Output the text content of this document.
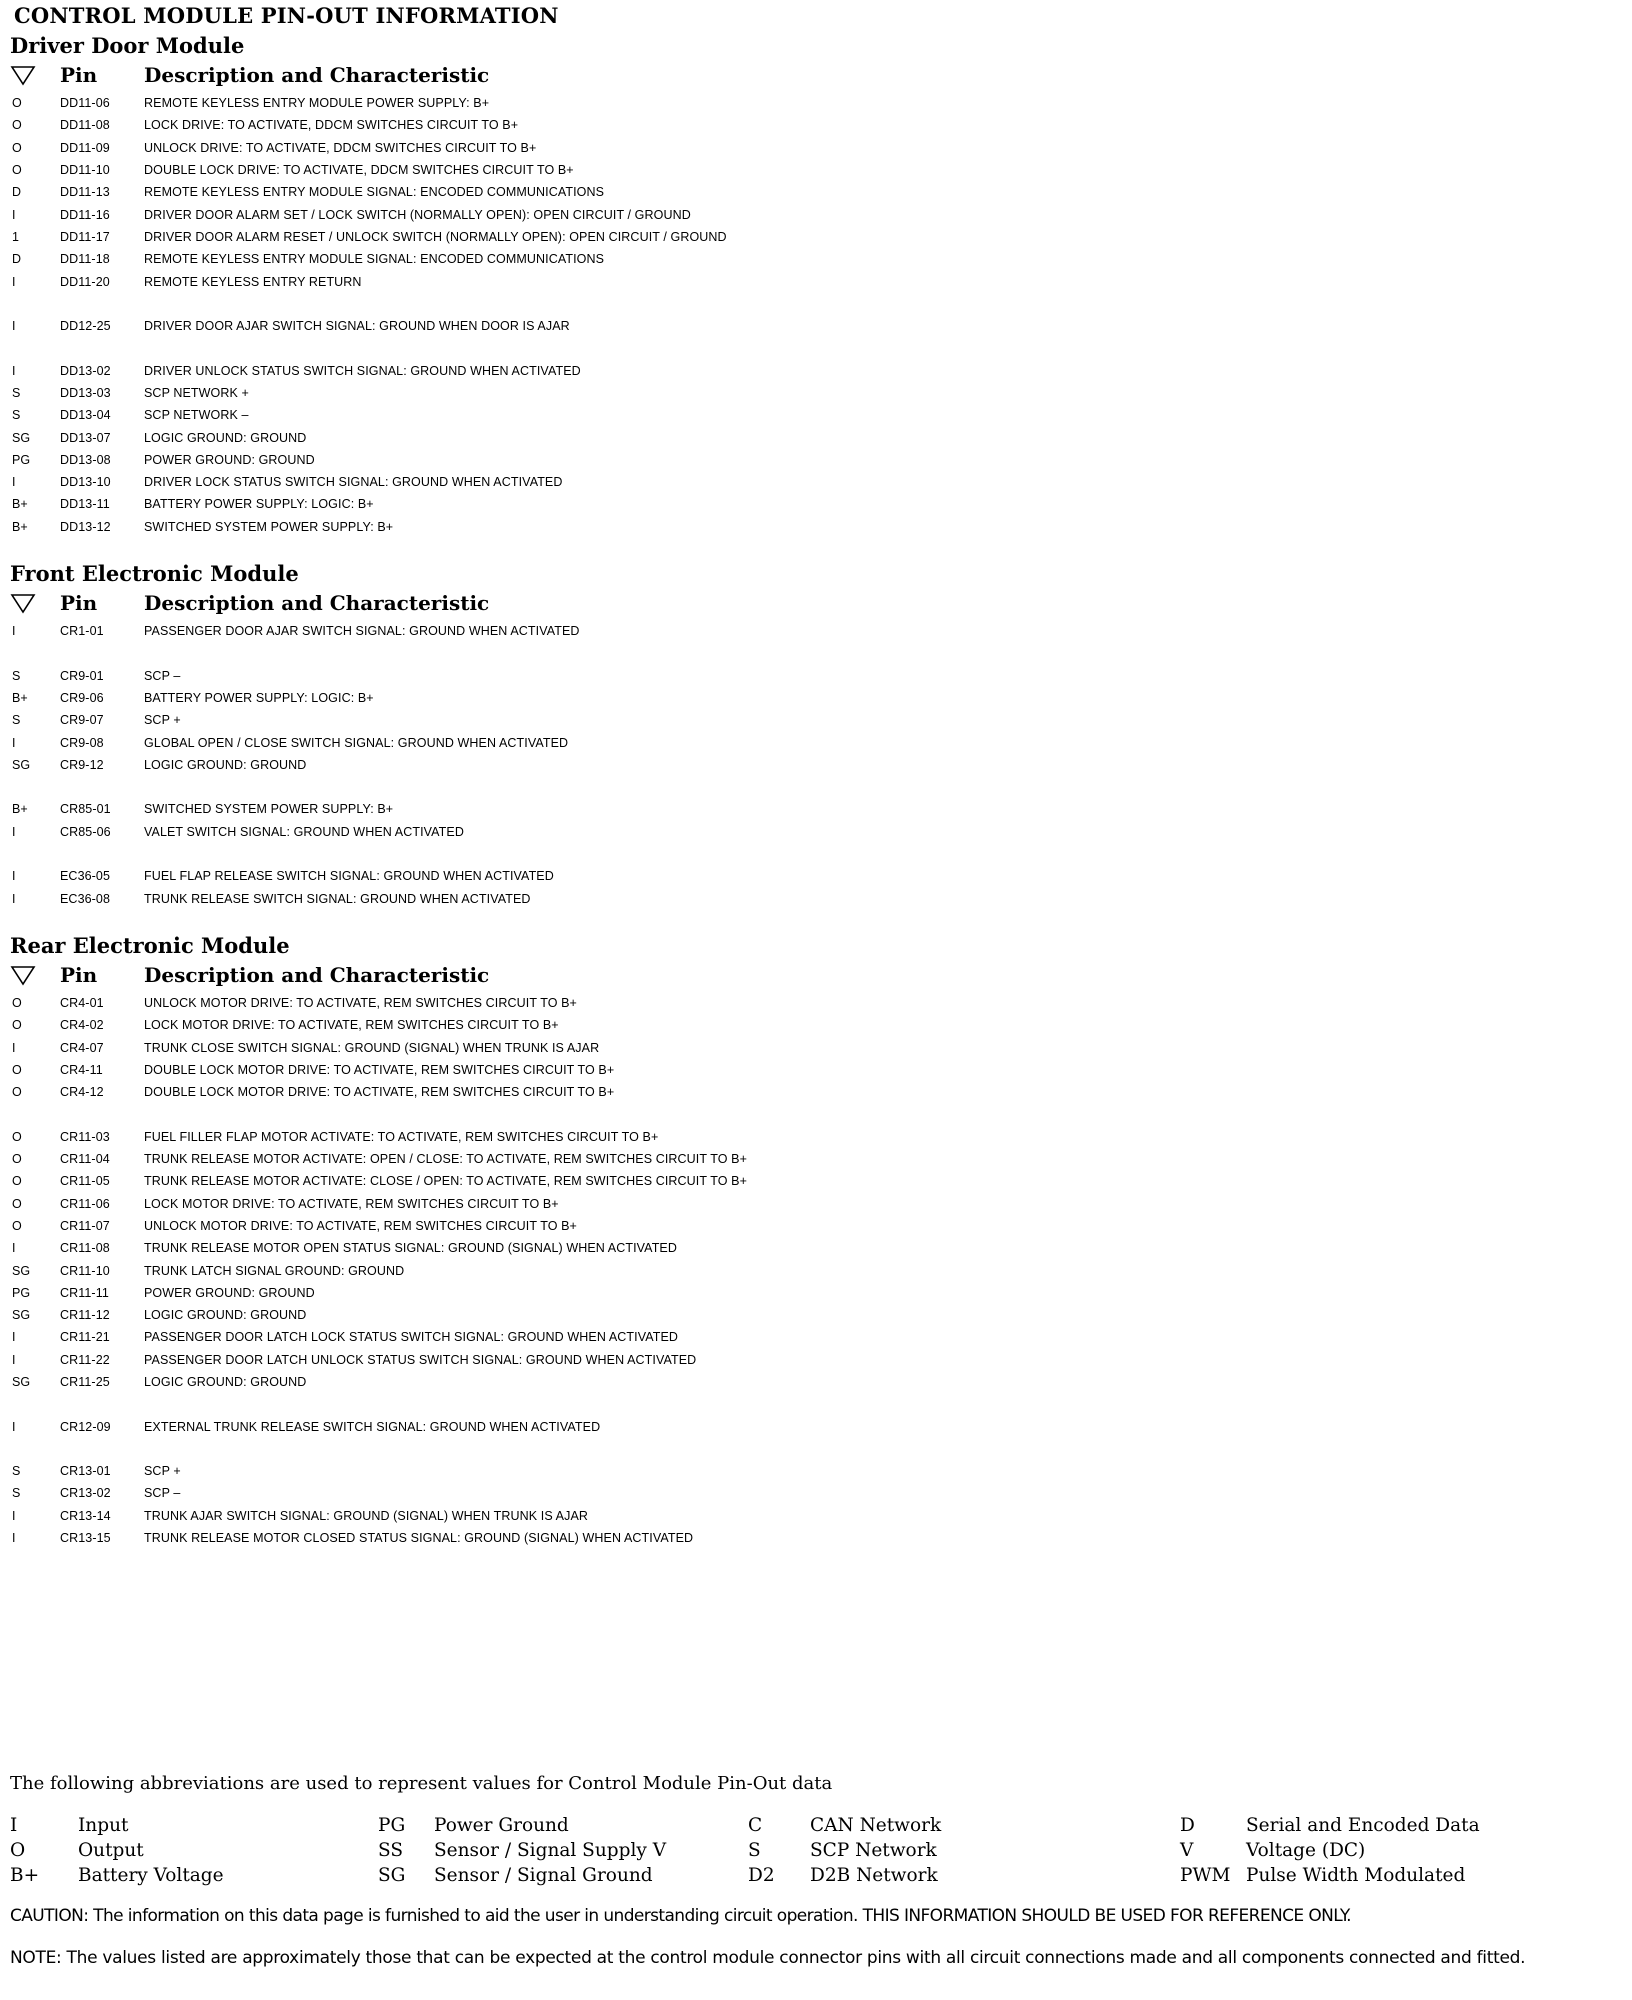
CONTROL MODULE PIN-OUT INFORMATION
Driver Door Module
Pin	Description and Characteristic
O	DD11-06	REMOTE KEYLESS ENTRY MODULE POWER SUPPLY: B+
O	DD11-08	LOCK DRIVE: TO ACTIVATE, DDCM SWITCHES CIRCUIT TO B+
O	DD11-09	UNLOCK DRIVE: TO ACTIVATE, DDCM SWITCHES CIRCUIT TO B+
O	DD11-10	DOUBLE LOCK DRIVE: TO ACTIVATE, DDCM SWITCHES CIRCUIT TO B+
D	DD11-13	REMOTE KEYLESS ENTRY MODULE SIGNAL: ENCODED COMMUNICATIONS
I	DD11-16	DRIVER DOOR ALARM SET / LOCK SWITCH (NORMALLY OPEN): OPEN CIRCUIT / GROUND
1	DD11-17	DRIVER DOOR ALARM RESET / UNLOCK SWITCH (NORMALLY OPEN): OPEN CIRCUIT / GROUND
D	DD11-18	REMOTE KEYLESS ENTRY MODULE SIGNAL: ENCODED COMMUNICATIONS
I	DD11-20	REMOTE KEYLESS ENTRY RETURN
I	DD12-25	DRIVER DOOR AJAR SWITCH SIGNAL: GROUND WHEN DOOR IS AJAR
I	DD13-02	DRIVER UNLOCK STATUS SWITCH SIGNAL: GROUND WHEN ACTIVATED
S	DD13-03	SCP NETWORK +
S	DD13-04	SCP NETWORK –
SG	DD13-07	LOGIC GROUND: GROUND
PG	DD13-08	POWER GROUND: GROUND
I	DD13-10	DRIVER LOCK STATUS SWITCH SIGNAL: GROUND WHEN ACTIVATED
B+	DD13-11	BATTERY POWER SUPPLY: LOGIC: B+
B+	DD13-12	SWITCHED SYSTEM POWER SUPPLY: B+
Front Electronic Module
Pin	Description and Characteristic
I	CR1-01	PASSENGER DOOR AJAR SWITCH SIGNAL: GROUND WHEN ACTIVATED
S	CR9-01	SCP –
B+	CR9-06	BATTERY POWER SUPPLY: LOGIC: B+
S	CR9-07	SCP +
I	CR9-08	GLOBAL OPEN / CLOSE SWITCH SIGNAL: GROUND WHEN ACTIVATED
SG	CR9-12	LOGIC GROUND: GROUND
B+	CR85-01	SWITCHED SYSTEM POWER SUPPLY: B+
I	CR85-06	VALET SWITCH SIGNAL: GROUND WHEN ACTIVATED
I	EC36-05	FUEL FLAP RELEASE SWITCH SIGNAL: GROUND WHEN ACTIVATED
I	EC36-08	TRUNK RELEASE SWITCH SIGNAL: GROUND WHEN ACTIVATED
Rear Electronic Module
Pin	Description and Characteristic
O	CR4-01	UNLOCK MOTOR DRIVE: TO ACTIVATE, REM SWITCHES CIRCUIT TO B+
O	CR4-02	LOCK MOTOR DRIVE: TO ACTIVATE, REM SWITCHES CIRCUIT TO B+
I	CR4-07	TRUNK CLOSE SWITCH SIGNAL: GROUND (SIGNAL) WHEN TRUNK IS AJAR
O	CR4-11	DOUBLE LOCK MOTOR DRIVE: TO ACTIVATE, REM SWITCHES CIRCUIT TO B+
O	CR4-12	DOUBLE LOCK MOTOR DRIVE: TO ACTIVATE, REM SWITCHES CIRCUIT TO B+
O	CR11-03	FUEL FILLER FLAP MOTOR ACTIVATE: TO ACTIVATE, REM SWITCHES CIRCUIT TO B+
O	CR11-04	TRUNK RELEASE MOTOR ACTIVATE: OPEN / CLOSE: TO ACTIVATE, REM SWITCHES CIRCUIT TO B+
O	CR11-05	TRUNK RELEASE MOTOR ACTIVATE: CLOSE / OPEN: TO ACTIVATE, REM SWITCHES CIRCUIT TO B+
O	CR11-06	LOCK MOTOR DRIVE: TO ACTIVATE, REM SWITCHES CIRCUIT TO B+
O	CR11-07	UNLOCK MOTOR DRIVE: TO ACTIVATE, REM SWITCHES CIRCUIT TO B+
I	CR11-08	TRUNK RELEASE MOTOR OPEN STATUS SIGNAL: GROUND (SIGNAL) WHEN ACTIVATED
SG	CR11-10	TRUNK LATCH SIGNAL GROUND: GROUND
PG	CR11-11	POWER GROUND: GROUND
SG	CR11-12	LOGIC GROUND: GROUND
I	CR11-21	PASSENGER DOOR LATCH LOCK STATUS SWITCH SIGNAL: GROUND WHEN ACTIVATED
I	CR11-22	PASSENGER DOOR LATCH UNLOCK STATUS SWITCH SIGNAL: GROUND WHEN ACTIVATED
SG	CR11-25	LOGIC GROUND: GROUND
I	CR12-09	EXTERNAL TRUNK RELEASE SWITCH SIGNAL: GROUND WHEN ACTIVATED
S	CR13-01	SCP +
S	CR13-02	SCP –
I	CR13-14	TRUNK AJAR SWITCH SIGNAL: GROUND (SIGNAL) WHEN TRUNK IS AJAR
I	CR13-15	TRUNK RELEASE MOTOR CLOSED STATUS SIGNAL: GROUND (SIGNAL) WHEN ACTIVATED
The following abbreviations are used to represent values for Control Module Pin-Out data
I	Input	PG	Power Ground	C	CAN Network	D	Serial and Encoded Data
O	Output	SS	Sensor / Signal Supply V	S	SCP Network	V	Voltage (DC)
B+	Battery Voltage	SG	Sensor / Signal Ground	D2	D2B Network	PWM Pulse Width Modulated
CAUTION: The information on this data page is furnished to aid the user in understanding circuit operation. THIS INFORMATION SHOULD BE USED FOR REFERENCE ONLY.
NOTE: The values listed are approximately those that can be expected at the control module connector pins with all circuit connections made and all components connected and fitted.
